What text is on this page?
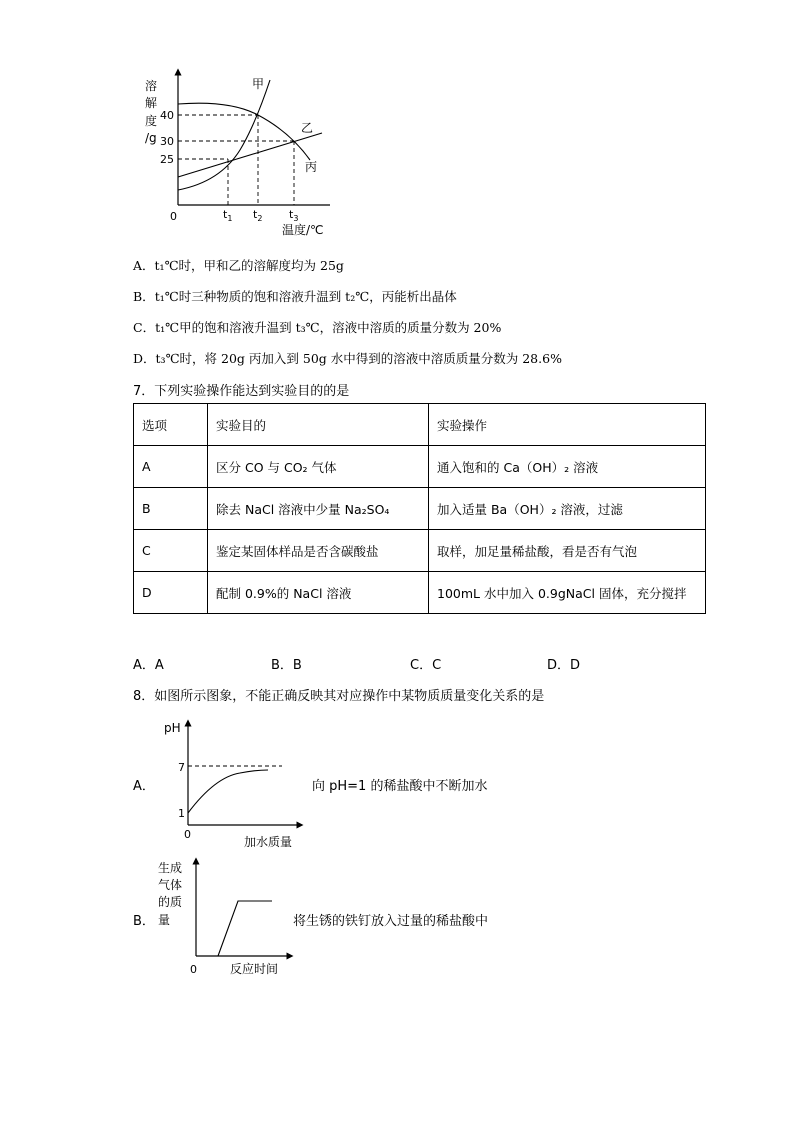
溶
解
度
/g
40
30
25
0	$t_1$ $t_2$ $t_3$
温度/℃
甲
乙
丙
A．t₁℃时，甲和乙的溶解度均为 25g
B．t₁℃时三种物质的饱和溶液升温到 t₂℃，丙能析出晶体
C．t₁℃甲的饱和溶液升温到 t₃℃，溶液中溶质的质量分数为 20%
D．t₃℃时，将 20g 丙加入到 50g 水中得到的溶液中溶质质量分数为 28.6%
7．下列实验操作能达到实验目的的是
选项	实验目的	实验操作
A	区分 CO 与 CO₂ 气体	通入饱和的 Ca（OH）₂ 溶液
B	除去 NaCl 溶液中少量 Na₂SO₄	加入适量 Ba（OH）₂ 溶液，过滤
C	鉴定某固体样品是否含碳酸盐	取样，加足量稀盐酸，看是否有气泡
D	配制 0.9%的 NaCl 溶液	100mL 水中加入 0.9gNaCl 固体，充分搅拌
A．A	B．B	C．C	D．D
8．如图所示图象，不能正确反映其对应操作中某物质质量变化关系的是
A．
pH
7
1
0
加水质量
向 pH=1 的稀盐酸中不断加水
B．
生成
气体
的质
量
0	反应时间
将生锈的铁钉放入过量的稀盐酸中
